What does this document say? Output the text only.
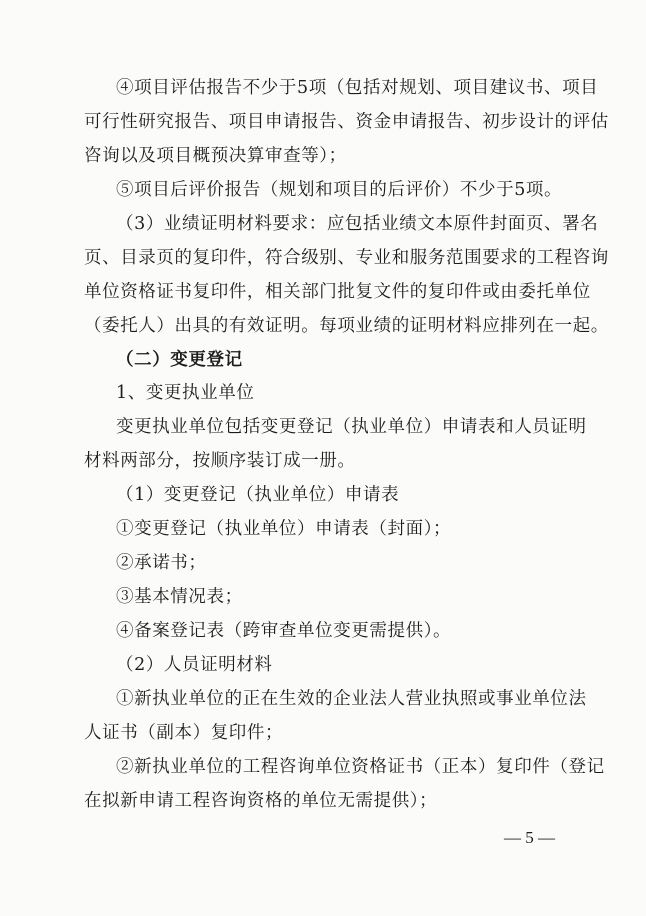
④项目评估报告不少于5项（包括对规划、项目建议书、项目
可行性研究报告、项目申请报告、资金申请报告、初步设计的评估
咨询以及项目概预决算审查等）；
⑤项目后评价报告（规划和项目的后评价）不少于5项。
（3）业绩证明材料要求：应包括业绩文本原件封面页、署名
页、目录页的复印件，符合级别、专业和服务范围要求的工程咨询
单位资格证书复印件，相关部门批复文件的复印件或由委托单位
（委托人）出具的有效证明。每项业绩的证明材料应排列在一起。
（二）变更登记
1、变更执业单位
变更执业单位包括变更登记（执业单位）申请表和人员证明
材料两部分，按顺序装订成一册。
（1）变更登记（执业单位）申请表
①变更登记（执业单位）申请表（封面）；
②承诺书；
③基本情况表；
④备案登记表（跨审查单位变更需提供）。
（2）人员证明材料
①新执业单位的正在生效的企业法人营业执照或事业单位法
人证书（副本）复印件；
②新执业单位的工程咨询单位资格证书（正本）复印件（登记
在拟新申请工程咨询资格的单位无需提供）；
— 5 —
